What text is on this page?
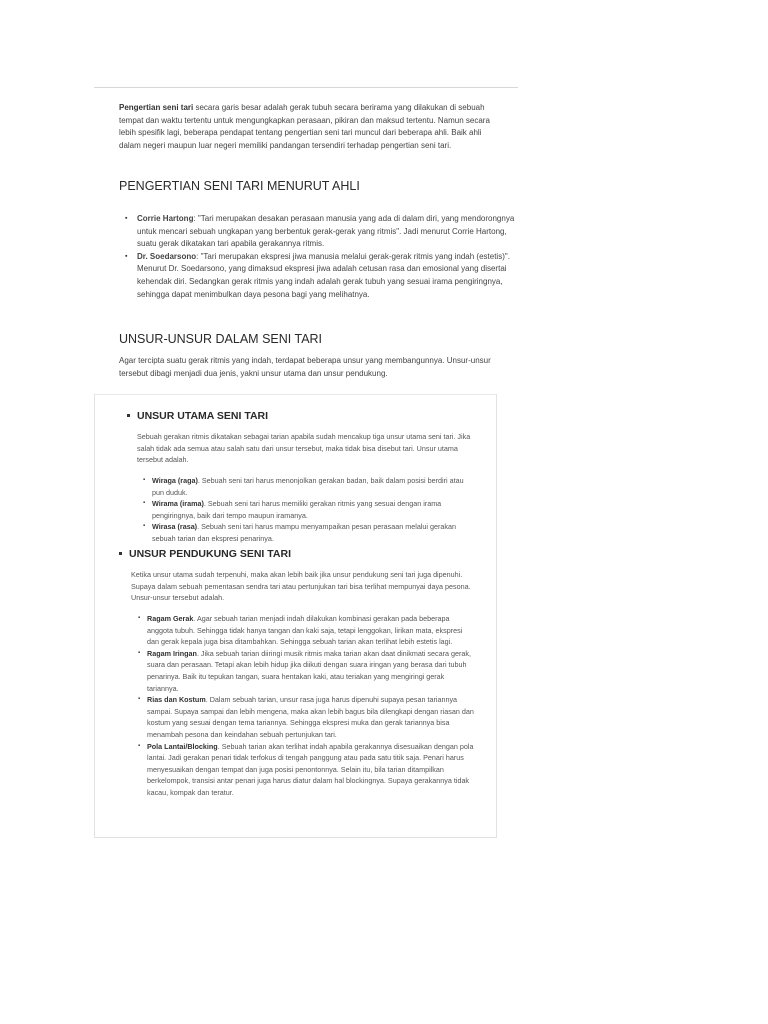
Pengertian seni tari secara garis besar adalah gerak tubuh secara berirama yang dilakukan di sebuah tempat dan waktu tertentu untuk mengungkapkan perasaan, pikiran dan maksud tertentu. Namun secara lebih spesifik lagi, beberapa pendapat tentang pengertian seni tari muncul dari beberapa ahli. Baik ahli dalam negeri maupun luar negeri memiliki pandangan tersendiri terhadap pengertian seni tari.

PENGERTIAN SENI TARI MENURUT AHLI
▪ Corrie Hartong: "Tari merupakan desakan perasaan manusia yang ada di dalam diri, yang mendorongnya untuk mencari sebuah ungkapan yang berbentuk gerak-gerak yang ritmis". Jadi menurut Corrie Hartong, suatu gerak dikatakan tari apabila gerakannya ritmis.
▪ Dr. Soedarsono: "Tari merupakan ekspresi jiwa manusia melalui gerak-gerak ritmis yang indah (estetis)". Menurut Dr. Soedarsono, yang dimaksud ekspresi jiwa adalah cetusan rasa dan emosional yang disertai kehendak diri. Sedangkan gerak ritmis yang indah adalah gerak tubuh yang sesuai irama pengiringnya, sehingga dapat menimbulkan daya pesona bagi yang melihatnya.
UNSUR-UNSUR DALAM SENI TARI

Agar tercipta suatu gerak ritmis yang indah, terdapat beberapa unsur yang membangunnya. Unsur-unsur tersebut dibagi menjadi dua jenis, yakni unsur utama dan unsur pendukung.

UNSUR UTAMA SENI TARI

Sebuah gerakan ritmis dikatakan sebagai tarian apabila sudah mencakup tiga unsur utama seni tari. Jika salah tidak ada semua atau salah satu dari unsur tersebut, maka tidak bisa disebut tari. Unsur utama tersebut adalah.

▪ Wiraga (raga). Sebuah seni tari harus menonjolkan gerakan badan, baik dalam posisi berdiri atau pun duduk.
▪ Wirama (irama). Sebuah seni tari harus memiliki gerakan ritmis yang sesuai dengan irama pengiringnya, baik dari tempo maupun iramanya.
▪ Wirasa (rasa). Sebuah seni tari harus mampu menyampaikan pesan perasaan melalui gerakan sebuah tarian dan ekspresi penarinya.
UNSUR PENDUKUNG SENI TARI

Ketika unsur utama sudah terpenuhi, maka akan lebih baik jika unsur pendukung seni tari juga dipenuhi. Supaya dalam sebuah pementasan sendra tari atau pertunjukan tari bisa terlihat mempunyai daya pesona. Unsur-unsur tersebut adalah.

▪ Ragam Gerak. Agar sebuah tarian menjadi indah dilakukan kombinasi gerakan pada beberapa anggota tubuh. Sehingga tidak hanya tangan dan kaki saja, tetapi lenggokan, lirikan mata, ekspresi dan gerak kepala juga bisa ditambahkan. Sehingga sebuah tarian akan terlihat lebih estetis lagi.
▪ Ragam Iringan. Jika sebuah tarian diiringi musik ritmis maka tarian akan daat dinikmati secara gerak, suara dan perasaan. Tetapi akan lebih hidup jika diikuti dengan suara iringan yang berasa dari tubuh penarinya. Baik itu tepukan tangan, suara hentakan kaki, atau teriakan yang mengiringi gerak tariannya.
▪ Rias dan Kostum. Dalam sebuah tarian, unsur rasa juga harus dipenuhi supaya pesan tariannya sampai. Supaya sampai dan lebih mengena, maka akan lebih bagus bila dilengkapi dengan riasan dan kostum yang sesuai dengan tema tariannya. Sehingga ekspresi muka dan gerak tariannya bisa menambah pesona dan keindahan sebuah pertunjukan tari.
▪ Pola Lantai/Blocking. Sebuah tarian akan terlihat indah apabila gerakannya disesuaikan dengan pola lantai. Jadi gerakan penari tidak terfokus di tengah panggung atau pada satu titik saja. Penari harus menyesuaikan dengan tempat dan juga posisi penontonnya. Selain itu, bila tarian ditampilkan berkelompok, transisi antar penari juga harus diatur dalam hal blockingnya. Supaya gerakannya tidak kacau, kompak dan teratur.
